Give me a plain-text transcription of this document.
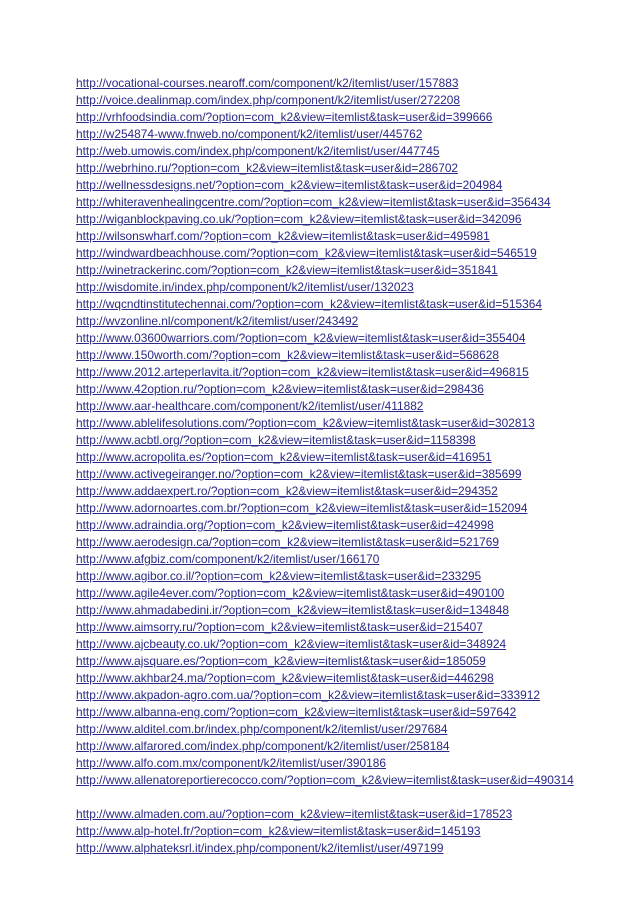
http://vocational-courses.nearoff.com/component/k2/itemlist/user/157883
http://voice.dealinmap.com/index.php/component/k2/itemlist/user/272208
http://vrhfoodsindia.com/?option=com_k2&view=itemlist&task=user&id=399666
http://w254874-www.fnweb.no/component/k2/itemlist/user/445762
http://web.umowis.com/index.php/component/k2/itemlist/user/447745
http://webrhino.ru/?option=com_k2&view=itemlist&task=user&id=286702
http://wellnessdesigns.net/?option=com_k2&view=itemlist&task=user&id=204984
http://whiteravenhealingcentre.com/?option=com_k2&view=itemlist&task=user&id=356434
http://wiganblockpaving.co.uk/?option=com_k2&view=itemlist&task=user&id=342096
http://wilsonswharf.com/?option=com_k2&view=itemlist&task=user&id=495981
http://windwardbeachhouse.com/?option=com_k2&view=itemlist&task=user&id=546519
http://winetrackerinc.com/?option=com_k2&view=itemlist&task=user&id=351841
http://wisdomite.in/index.php/component/k2/itemlist/user/132023
http://wqcndtinstitutechennai.com/?option=com_k2&view=itemlist&task=user&id=515364
http://wvzonline.nl/component/k2/itemlist/user/243492
http://www.03600warriors.com/?option=com_k2&view=itemlist&task=user&id=355404
http://www.150worth.com/?option=com_k2&view=itemlist&task=user&id=568628
http://www.2012.arteperlavita.it/?option=com_k2&view=itemlist&task=user&id=496815
http://www.42option.ru/?option=com_k2&view=itemlist&task=user&id=298436
http://www.aar-healthcare.com/component/k2/itemlist/user/411882
http://www.ablelifesolutions.com/?option=com_k2&view=itemlist&task=user&id=302813
http://www.acbtl.org/?option=com_k2&view=itemlist&task=user&id=1158398
http://www.acropolita.es/?option=com_k2&view=itemlist&task=user&id=416951
http://www.activegeiranger.no/?option=com_k2&view=itemlist&task=user&id=385699
http://www.addaexpert.ro/?option=com_k2&view=itemlist&task=user&id=294352
http://www.adornoartes.com.br/?option=com_k2&view=itemlist&task=user&id=152094
http://www.adraindia.org/?option=com_k2&view=itemlist&task=user&id=424998
http://www.aerodesign.ca/?option=com_k2&view=itemlist&task=user&id=521769
http://www.afgbiz.com/component/k2/itemlist/user/166170
http://www.agibor.co.il/?option=com_k2&view=itemlist&task=user&id=233295
http://www.agile4ever.com/?option=com_k2&view=itemlist&task=user&id=490100
http://www.ahmadabedini.ir/?option=com_k2&view=itemlist&task=user&id=134848
http://www.aimsorry.ru/?option=com_k2&view=itemlist&task=user&id=215407
http://www.ajcbeauty.co.uk/?option=com_k2&view=itemlist&task=user&id=348924
http://www.ajsquare.es/?option=com_k2&view=itemlist&task=user&id=185059
http://www.akhbar24.ma/?option=com_k2&view=itemlist&task=user&id=446298
http://www.akpadon-agro.com.ua/?option=com_k2&view=itemlist&task=user&id=333912
http://www.albanna-eng.com/?option=com_k2&view=itemlist&task=user&id=597642
http://www.alditel.com.br/index.php/component/k2/itemlist/user/297684
http://www.alfarored.com/index.php/component/k2/itemlist/user/258184
http://www.alfo.com.mx/component/k2/itemlist/user/390186
http://www.allenatoreportierecocco.com/?option=com_k2&view=itemlist&task=user&id=490314
http://www.almaden.com.au/?option=com_k2&view=itemlist&task=user&id=178523
http://www.alp-hotel.fr/?option=com_k2&view=itemlist&task=user&id=145193
http://www.alphateksrl.it/index.php/component/k2/itemlist/user/497199
